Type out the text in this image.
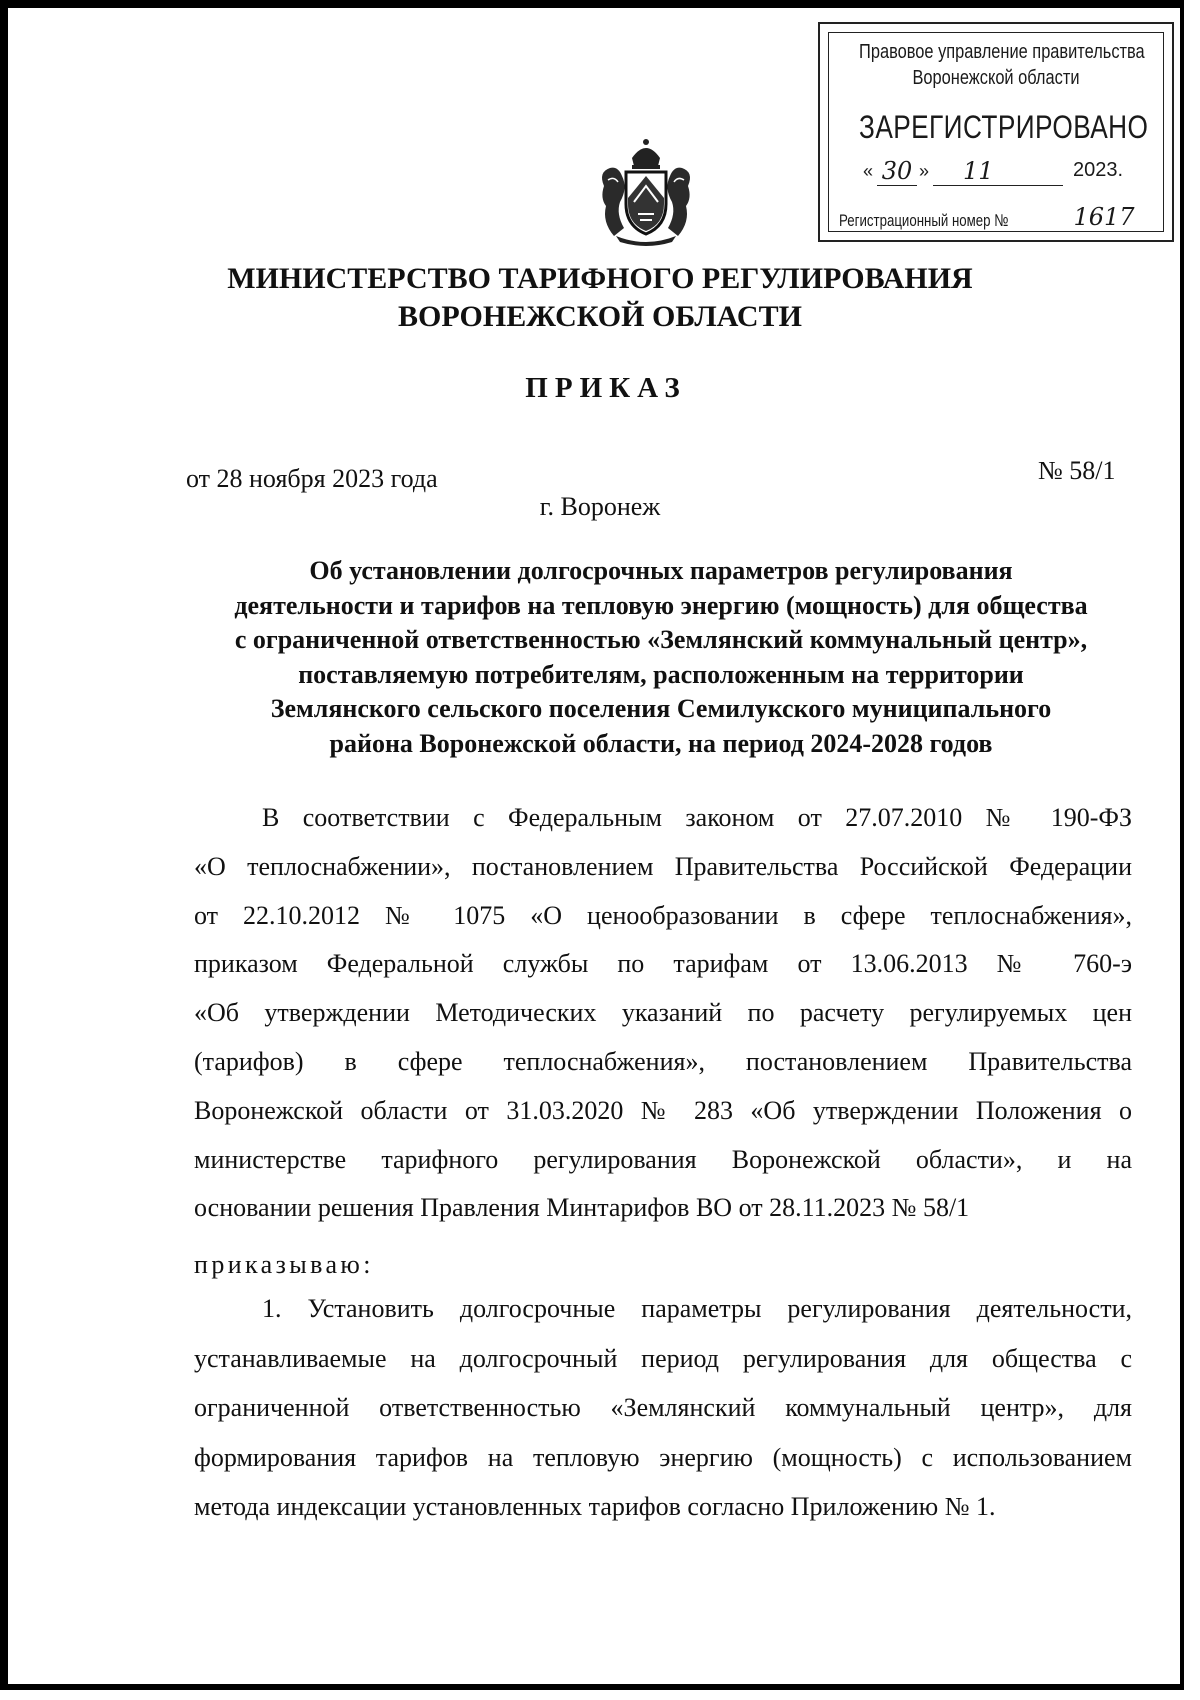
Правовое управление правительства
Воронежской области
ЗАРЕГИСТРИРОВАНО
« 30 »	11	2023.
Регистрационный номер №	1617
МИНИСТЕРСТВО ТАРИФНОГО РЕГУЛИРОВАНИЯ
ВОРОНЕЖСКОЙ ОБЛАСТИ
ПРИКАЗ
от 28 ноября 2023 года	№ 58/1
г. Воронеж
Об установлении долгосрочных параметров регулирования
деятельности и тарифов на тепловую энергию (мощность) для общества
с ограниченной ответственностью «Землянский коммунальный центр»,
поставляемую потребителям, расположенным на территории
Землянского сельского поселения Семилукского муниципального
района Воронежской области, на период 2024-2028 годов
В соответствии с Федеральным законом от 27.07.2010 № 190-ФЗ
«О теплоснабжении», постановлением Правительства Российской Федерации
от 22.10.2012 № 1075 «О ценообразовании в сфере теплоснабжения»,
приказом Федеральной службы по тарифам от 13.06.2013 № 760-э
«Об утверждении Методических указаний по расчету регулируемых цен
(тарифов) в сфере теплоснабжения», постановлением Правительства
Воронежской области от 31.03.2020 № 283 «Об утверждении Положения о
министерстве тарифного регулирования Воронежской области», и на
основании решения Правления Минтарифов ВО от 28.11.2023 № 58/1
приказываю:
1. Установить долгосрочные параметры регулирования деятельности,
устанавливаемые на долгосрочный период регулирования для общества с
ограниченной ответственностью «Землянский коммунальный центр», для
формирования тарифов на тепловую энергию (мощность) с использованием
метода индексации установленных тарифов согласно Приложению № 1.
